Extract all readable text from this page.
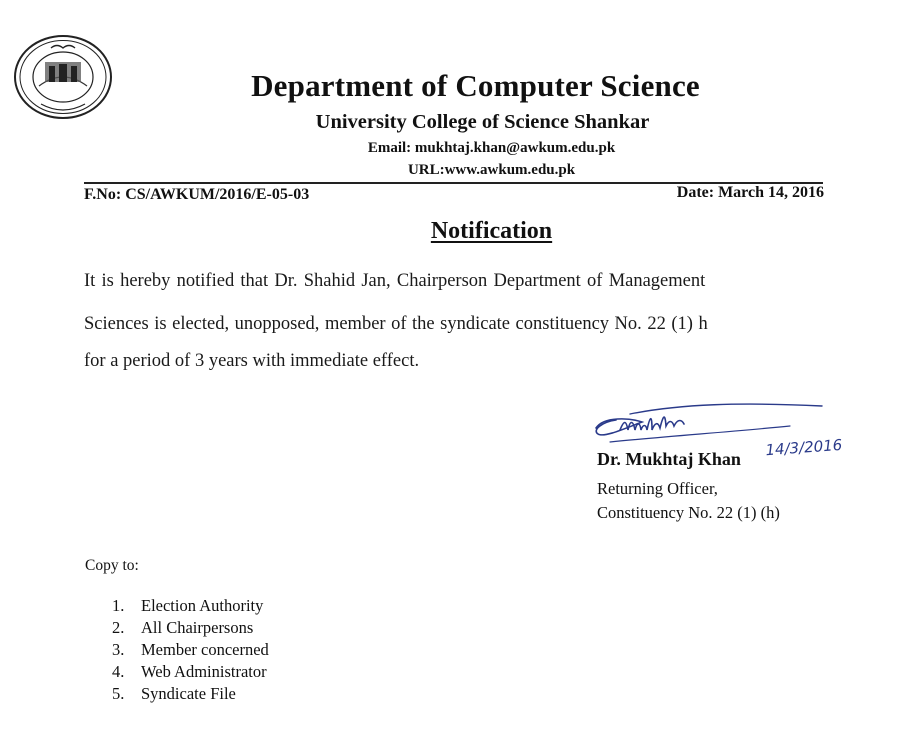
Department of Computer Science
University College of Science Shankar
Email: mukhtaj.khan@awkum.edu.pk
URL:www.awkum.edu.pk
F.No: CS/AWKUM/2016/E-05-03	Date: March 14, 2016
Notification
It is hereby notified that Dr. Shahid Jan, Chairperson Department of Management
Sciences is elected, unopposed, member of the syndicate constituency No. 22 (1) h
for a period of 3 years with immediate effect.
14/3/2016
Dr. Mukhtaj Khan
Returning Officer,
Constituency No. 22 (1) (h)
Copy to:
1. Election Authority
2. All Chairpersons
3. Member concerned
4. Web Administrator
5. Syndicate File
